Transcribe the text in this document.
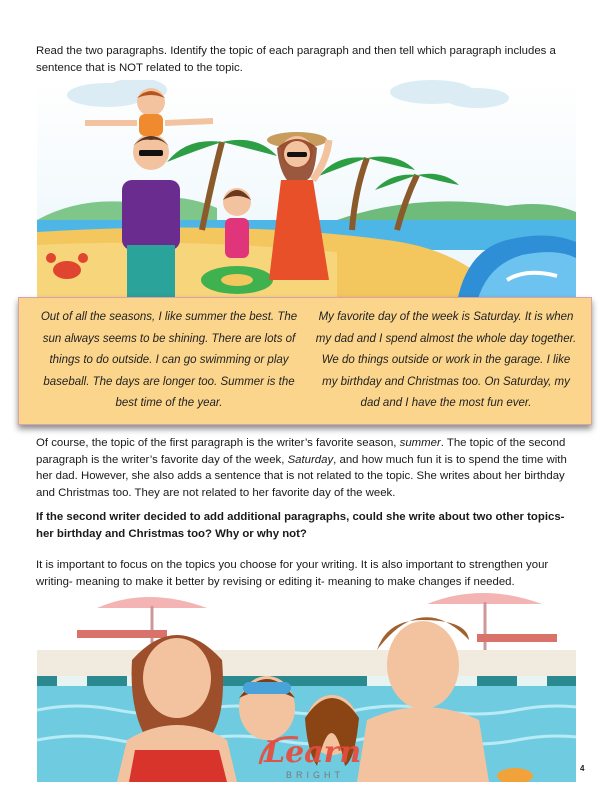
Read the two paragraphs. Identify the topic of each paragraph and then tell which paragraph includes a sentence that is NOT related to the topic.

Out of all the seasons, I like summer the best. The sun always seems to be shining. There are lots of things to do outside. I can go swimming or play baseball. The days are longer too. Summer is the best time of the year.
My favorite day of the week is Saturday. It is when my dad and I spend almost the whole day together. We do things outside or work in the garage. I like my birthday and Christmas too. On Saturday, my dad and I have the most fun ever.

Of course, the topic of the first paragraph is the writer’s favorite season, summer. The topic of the second paragraph is the writer’s favorite day of the week, Saturday, and how much fun it is to spend the time with her dad. However, she also adds a sentence that is not related to the topic. She writes about her birthday and Christmas too. They are not related to her favorite day of the week.

If the second writer decided to add additional paragraphs, could she write about two other topics- her birthday and Christmas too? Why or why not?

It is important to focus on the topics you choose for your writing. It is also important to strengthen your writing- meaning to make it better by revising or editing it- meaning to make changes if needed.

Learn
BRIGHT
4
